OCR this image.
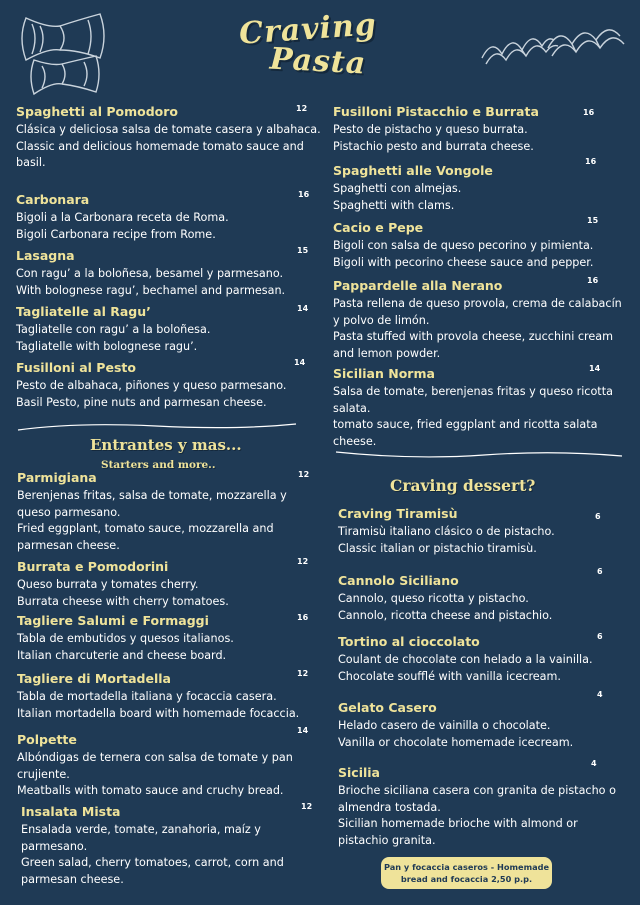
Craving
Pasta
Spaghetti al Pomodoro	12
Clásica y deliciosa salsa de tomate casera y albahaca.
Classic and delicious homemade tomato sauce and basil.
Carbonara	16
Bigoli a la Carbonara receta de Roma.
Bigoli Carbonara recipe from Rome.
Lasagna	15
Con ragu’ a la boloñesa, besamel y parmesano.
With bolognese ragu’, bechamel and parmesan.
Tagliatelle al Ragu’	14
Tagliatelle con ragu’ a la boloñesa.
Tagliatelle with bolognese ragu’.
Fusilloni al Pesto	14
Pesto de albahaca, piñones y queso parmesano.
Basil Pesto, pine nuts and parmesan cheese.
Fusilloni Pistacchio e Burrata	16
Pesto de pistacho y queso burrata.
Pistachio pesto and burrata cheese.
Spaghetti alle Vongole
16
Spaghetti con almejas.
Spaghetti with clams.
Cacio e Pepe	15
Bigoli con salsa de queso pecorino y pimienta.
Bigoli with pecorino cheese sauce and pepper.
Pappardelle alla Nerano	16
Pasta rellena de queso provola, crema de calabacín y polvo de limón.
Pasta stuffed with provola cheese, zucchini cream and lemon powder.
Sicilian Norma	14
Salsa de tomate, berenjenas fritas y queso ricotta salata.
tomato sauce, fried eggplant and ricotta salata cheese.
Entrantes y mas...
Starters and more..
Parmigiana	12
Berenjenas fritas, salsa de tomate, mozzarella y queso parmesano.
Fried eggplant, tomato sauce, mozzarella and parmesan cheese.
Burrata e Pomodorini	12
Queso burrata y tomates cherry.
Burrata cheese with cherry tomatoes.
Tagliere Salumi e Formaggi	16
Tabla de embutidos y quesos italianos.
Italian charcuterie and cheese board.
Tagliere di Mortadella	12
Tabla de mortadella italiana y focaccia casera.
Italian mortadella board with homemade focaccia.
Polpette
14
Albóndigas de ternera con salsa de tomate y pan crujiente.
Meatballs with tomato sauce and cruchy bread.
Insalata Mista	12
Ensalada verde, tomate, zanahoria, maíz y parmesano.
Green salad, cherry tomatoes, carrot, corn and parmesan cheese.
Craving dessert?
Craving Tiramisù	6
Tiramisù italiano clásico o de pistacho.
Classic italian or pistachio tiramisù.
Cannolo Siciliano
6
Cannolo, queso ricotta y pistacho.
Cannolo, ricotta cheese and pistachio.
Tortino al cioccolato	6
Coulant de chocolate con helado a la vainilla.
Chocolate soufflé with vanilla icecream.
Gelato Casero
4
Helado casero de vainilla o chocolate.
Vanilla or chocolate homemade icecream.
Sicilia
4
Brioche siciliana casera con granita de pistacho o almendra tostada.
Sicilian homemade brioche with almond or pistachio granita.
Pan y focaccia caseros - Homemade bread and focaccia 2,50 p.p.
